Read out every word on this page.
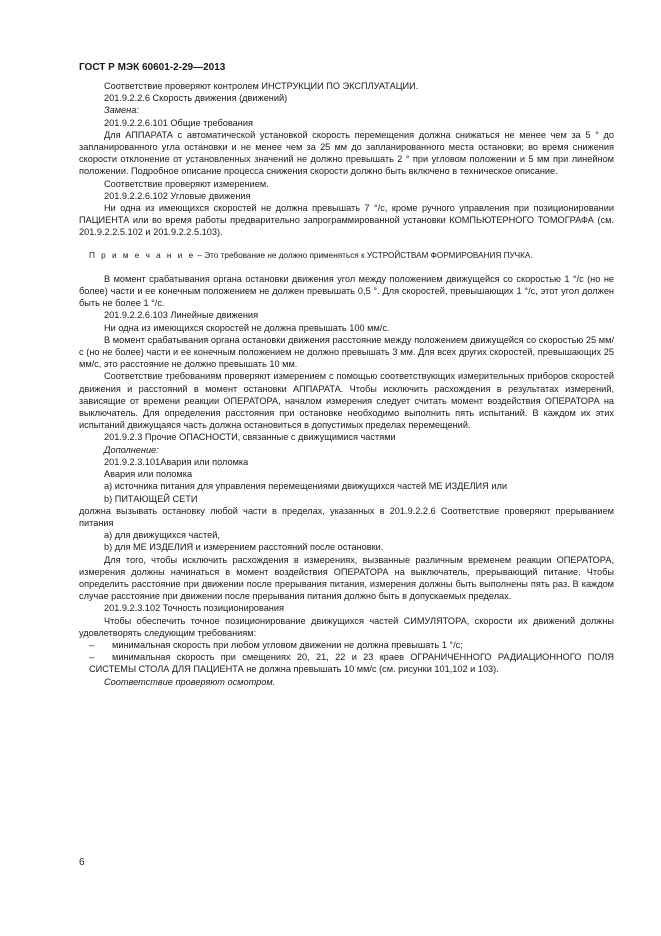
ГОСТ Р МЭК 60601-2-29—2013

Соответствие проверяют контролем ИНСТРУКЦИИ ПО ЭКСПЛУАТАЦИИ.

201.9.2.2.6 Скорость движения (движений)

Замена:

201.9.2.2.6.101 Общие требования

Для АППАРАТА с автоматической установкой скорость перемещения должна снижаться не менее чем за 5 ° до запланированного угла остановки и не менее чем за 25 мм до запланированного места остановки; во время снижения скорости отклонение от установленных значений не должно превышать 2 ° при угловом положении и 5 мм при линейном положении. Подробное описание процесса снижения скорости должно быть включено в техническое описание.

Соответствие проверяют измерением.

201.9.2.2.6.102 Угловые движения

Ни одна из имеющихся скоростей не должна превышать 7 °/с, кроме ручного управления при позиционировании ПАЦИЕНТА или во время работы предварительно запрограммированной установки КОМПЬЮТЕРНОГО ТОМОГРАФА (см. 201.9.2.2.5.102 и 201.9.2.2.5.103).

П р и м е ч а н и е – Это требование не должно применяться к УСТРОЙСТВАМ ФОРМИРОВАНИЯ ПУЧКА.

В момент срабатывания органа остановки движения угол между положением движущейся со скоростью 1 °/с (но не более) части и ее конечным положением не должен превышать 0,5 °. Для скоростей, превышающих 1 °/с, этот угол должен быть не более 1 °/с.

201.9.2.2.6.103 Линейные движения

Ни одна из имеющихся скоростей не должна превышать 100 мм/с.

В момент срабатывания органа остановки движения расстояние между положением движущейся со скоростью 25 мм/с (но не более) части и ее конечным положением не должно превышать 3 мм. Для всех других скоростей, превышающих 25 мм/с, это расстояние не должно превышать 10 мм.

Соответствие требованиям проверяют измерением с помощью соответствующих измерительных приборов скоростей движения и расстояний в момент остановки АППАРАТА. Чтобы исключить расхождения в результатах измерений, зависящие от времени реакции ОПЕРАТОРА, началом измерения следует считать момент воздействия ОПЕРАТОРА на выключатель. Для определения расстояния при остановке необходимо выполнить пять испытаний. В каждом их этих испытаний движущаяся часть должна остановиться в допустимых пределах перемещений.

201.9.2.3 Прочие ОПАСНОСТИ, связанные с движущимися частями

Дополнение:

201.9.2.3.101Авария или поломка

Авария или поломка

a) источника питания для управления перемещениями движущихся частей МЕ ИЗДЕЛИЯ или

b) ПИТАЮЩЕЙ СЕТИ

должна вызывать остановку любой части в пределах, указанных в 201.9.2.2.6 Соответствие проверяют прерыванием питания

a) для движущихся частей,

b) для МЕ ИЗДЕЛИЯ и измерением расстояний после остановки.

Для того, чтобы исключить расхождения в измерениях, вызванные различным временем реакции ОПЕРАТОРА, измерения должны начинаться в момент воздействия ОПЕРАТОРА на выключатель, прерывающий питание. Чтобы определить расстояние при движении после прерывания питания, измерения должны быть выполнены пять раз. В каждом случае расстояние при движении после прерывания питания должно быть в допускаемых пределах.

201.9.2.3.102 Точность позиционирования

Чтобы обеспечить точное позиционирование движущихся частей СИМУЛЯТОРА, скорости их движений должны удовлетворять следующим требованиям:

– минимальная скорость при любом угловом движении не должна превышать 1 °/с;

– минимальная скорость при смещениях 20, 21, 22 и 23 краев ОГРАНИЧЕННОГО РАДИАЦИОННОГО ПОЛЯ СИСТЕМЫ СТОЛА ДЛЯ ПАЦИЕНТА не должна превышать 10 мм/с (см. рисунки 101,102 и 103).

Соответствие проверяют осмотром.

6
